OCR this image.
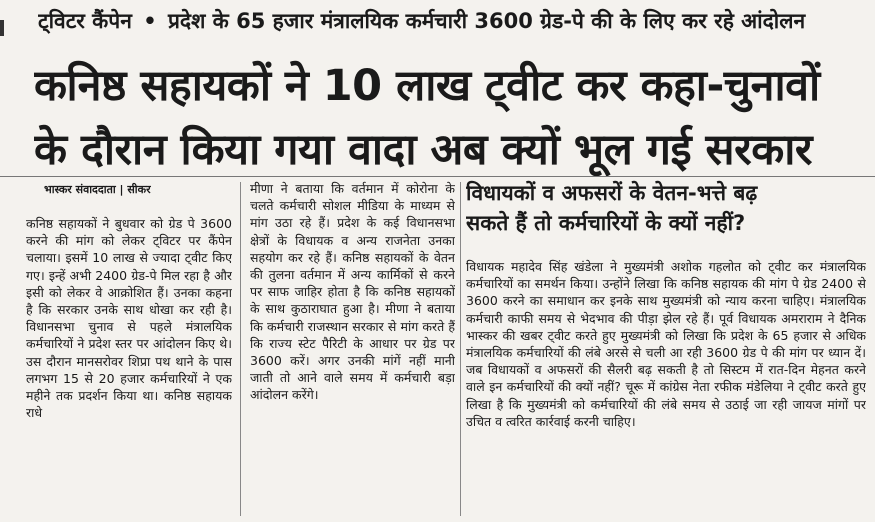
ट्विटर कैंपेन • प्रदेश के 65 हजार मंत्रालयिक कर्मचारी 3600 ग्रेड-पे की के लिए कर रहे आंदोलन
कनिष्ठ सहायकों ने 10 लाख ट्वीट कर कहा-चुनावों
के दौरान किया गया वादा अब क्यों भूल गई सरकार
भास्कर संवाददाता | सीकर

कनिष्ठ सहायकों ने बुधवार को ग्रेड पे 3600 करने की मांग को लेकर ट्विटर पर कैंपेन चलाया। इसमें 10 लाख से ज्यादा ट्वीट किए गए। इन्हें अभी 2400 ग्रेड-पे मिल रहा है और इसी को लेकर वे आक्रोशित हैं। उनका कहना है कि सरकार उनके साथ धोखा कर रही है। विधानसभा चुनाव से पहले मंत्रालयिक कर्मचारियों ने प्रदेश स्तर पर आंदोलन किए थे। उस दौरान मानसरोवर शिप्रा पथ थाने के पास लगभग 15 से 20 हजार कर्मचारियों ने एक महीने तक प्रदर्शन किया था। कनिष्ठ सहायक राधे

मीणा ने बताया कि वर्तमान में कोरोना के चलते कर्मचारी सोशल मीडिया के माध्यम से मांग उठा रहे हैं। प्रदेश के कई विधानसभा क्षेत्रों के विधायक व अन्य राजनेता उनका सहयोग कर रहे हैं। कनिष्ठ सहायकों के वेतन की तुलना वर्तमान में अन्य कार्मिकों से करने पर साफ जाहिर होता है कि कनिष्ठ सहायकों के साथ कुठाराघात हुआ है। मीणा ने बताया कि कर्मचारी राजस्थान सरकार से मांग करते हैं कि राज्य स्टेट पैरिटी के आधार पर ग्रेड पर 3600 करें। अगर उनकी मांगें नहीं मानी जाती तो आने वाले समय में कर्मचारी बड़ा आंदोलन करेंगे।

विधायकों व अफसरों के वेतन-भत्ते बढ़
सकते हैं तो कर्मचारियों के क्यों नहीं?

विधायक महादेव सिंह खंडेला ने मुख्यमंत्री अशोक गहलोत को ट्वीट कर मंत्रालयिक कर्मचारियों का समर्थन किया। उन्होंने लिखा कि कनिष्ठ सहायक की मांग पे ग्रेड 2400 से 3600 करने का समाधान कर इनके साथ मुख्यमंत्री को न्याय करना चाहिए। मंत्रालयिक कर्मचारी काफी समय से भेदभाव की पीड़ा झेल रहे हैं। पूर्व विधायक अमराराम ने दैनिक भास्कर की खबर ट्वीट करते हुए मुख्यमंत्री को लिखा कि प्रदेश के 65 हजार से अधिक मंत्रालयिक कर्मचारियों की लंबे अरसे से चली आ रही 3600 ग्रेड पे की मांग पर ध्यान दें। जब विधायकों व अफसरों की सैलरी बढ़ सकती है तो सिस्टम में रात-दिन मेहनत करने वाले इन कर्मचारियों की क्यों नहीं? चूरू में कांग्रेस नेता रफीक मंडेलिया ने ट्वीट करते हुए लिखा है कि मुख्यमंत्री को कर्मचारियों की लंबे समय से उठाई जा रही जायज मांगों पर उचित व त्वरित कार्रवाई करनी चाहिए।
